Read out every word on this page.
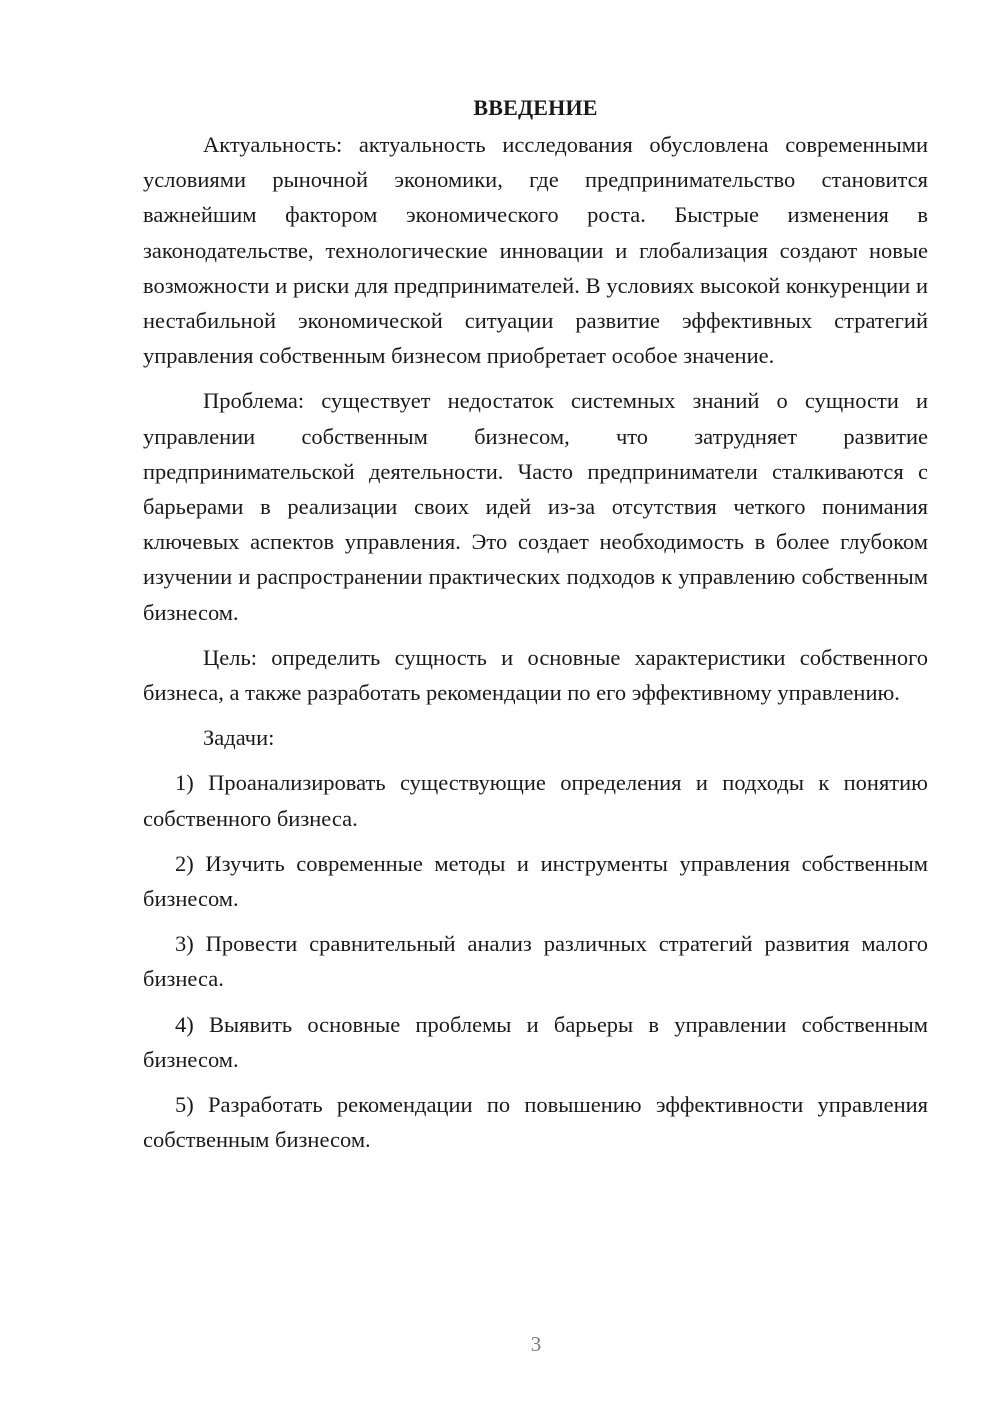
ВВЕДЕНИЕ

Актуальность: актуальность исследования обусловлена современными условиями рыночной экономики, где предпринимательство становится важнейшим фактором экономического роста. Быстрые изменения в законодательстве, технологические инновации и глобализация создают новые возможности и риски для предпринимателей. В условиях высокой конкуренции и нестабильной экономической ситуации развитие эффективных стратегий управления собственным бизнесом приобретает особое значение.

Проблема: существует недостаток системных знаний о сущности и управлении собственным бизнесом, что затрудняет развитие предпринимательской деятельности. Часто предприниматели сталкиваются с барьерами в реализации своих идей из-за отсутствия четкого понимания ключевых аспектов управления. Это создает необходимость в более глубоком изучении и распространении практических подходов к управлению собственным бизнесом.

Цель: определить сущность и основные характеристики собственного бизнеса, а также разработать рекомендации по его эффективному управлению.

Задачи:

1) Проанализировать существующие определения и подходы к понятию собственного бизнеса.

2) Изучить современные методы и инструменты управления собственным бизнесом.

3) Провести сравнительный анализ различных стратегий развития малого бизнеса.

4) Выявить основные проблемы и барьеры в управлении собственным бизнесом.

5) Разработать рекомендации по повышению эффективности управления собственным бизнесом.

3
